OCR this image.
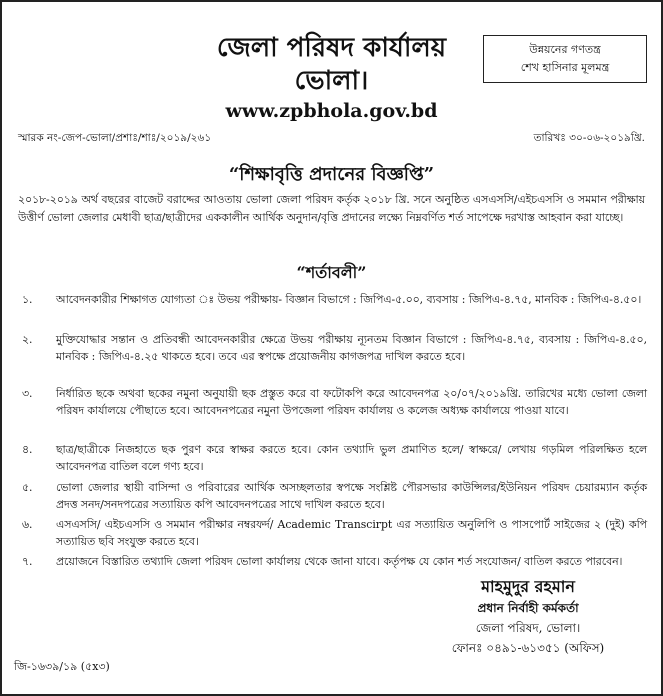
জেলা পরিষদ কার্যালয়
ভোলা।
উন্নয়নের গণতন্ত্র
শেখ হাসিনার মূলমন্ত্র
www.zpbhola.gov.bd
স্মারক নং-জেপ-ভোলা/প্রশাঃ/শাঃ/২০১৯/২৬১	তারিখঃ ৩০-০৬-২০১৯খ্রি.
“শিক্ষাবৃত্তি প্রদানের বিজ্ঞপ্তি”
২০১৮-২০১৯ অর্থ বছরের বাজেট বরাদ্দের আওতায় ভোলা জেলা পরিষদ কর্তৃক ২০১৮ খ্রি. সনে অনুষ্ঠিত এসএসসি/এইচএসসি ও সমমান পরীক্ষায় উত্তীর্ণ ভোলা জেলার মেধাবী ছাত্র/ছাত্রীদের এককালীন আর্থিক অনুদান/বৃত্তি প্রদানের লক্ষ্যে নিম্নবর্ণিত শর্ত সাপেক্ষে দরখাস্ত আহবান করা যাচ্ছে।
“শর্তাবলী”
১.	আবেদনকারীর শিক্ষাগত যোগ্যতা ঃ উভয় পরীক্ষায়- বিজ্ঞান বিভাগে : জিপিএ-৫.০০, ব্যবসায় : জিপিএ-৪.৭৫, মানবিক : জিপিএ-৪.৫০।
২.	মুক্তিযোদ্ধার সন্তান ও প্রতিবন্ধী আবেদনকারীর ক্ষেত্রে উভয় পরীক্ষায় ন্যূনতম বিজ্ঞান বিভাগে : জিপিএ-৪.৭৫, ব্যবসায় : জিপিএ-৪.৫০, মানবিক : জিপিএ-৪.২৫ থাকতে হবে। তবে এর স্বপক্ষে প্রয়োজনীয় কাগজপত্র দাখিল করতে হবে।
৩.	নির্ধারিত ছকে অথবা ছকের নমুনা অনুযায়ী ছক প্রস্তুত করে বা ফটোকপি করে আবেদনপত্র ২০/০৭/২০১৯খ্রি. তারিখের মধ্যে ভোলা জেলা পরিষদ কার্যালয়ে পৌছাতে হবে। আবেদনপত্রের নমুনা উপজেলা পরিষদ কার্যালয় ও কলেজ অধ্যক্ষ কার্যালয়ে পাওয়া যাবে।
৪.	ছাত্র/ছাত্রীকে নিজহাতে ছক পুরণ করে স্বাক্ষর করতে হবে। কোন তথ্যাদি ভুল প্রমাণিত হলে/ স্বাক্ষরে/ লেখায় গড়মিল পরিলক্ষিত হলে আবেদনপত্র বাতিল বলে গণ্য হবে।
৫.	ভোলা জেলার স্থায়ী বাসিন্দা ও পরিবারের আর্থিক অসচ্ছলতার স্বপক্ষে সংশ্লিষ্ট পৌরসভার কাউন্সিলর/ইউনিয়ন পরিষদ চেয়ারম্যান কর্তৃক প্রদত্ত সনদ/সনদপত্রের সত্যায়িত কপি আবেদনপত্রের সাথে দাখিল করতে হবে।
৬.	এসএসসি/ এইচএসসি ও সমমান পরীক্ষার নম্বরফর্দ/ Academic Transcirpt এর সত্যায়িত অনুলিপি ও পাসপোর্ট সাইজের ২ (দুই) কপি সত্যায়িত ছবি সংযুক্ত করতে হবে।
৭.	প্রয়োজনে বিস্তারিত তথ্যাদি জেলা পরিষদ ভোলা কার্যালয় থেকে জানা যাবে। কর্তৃপক্ষ যে কোন শর্ত সংযোজন/ বাতিল করতে পারবেন।
মাহমুদুর রহমান
প্রধান নির্বাহী কর্মকর্তা
জেলা পরিষদ, ভোলা।
ফোনঃ ০৪৯১-৬১৩৫১ (অফিস)
জি-১৬৩৯/১৯ (৫x৩)
